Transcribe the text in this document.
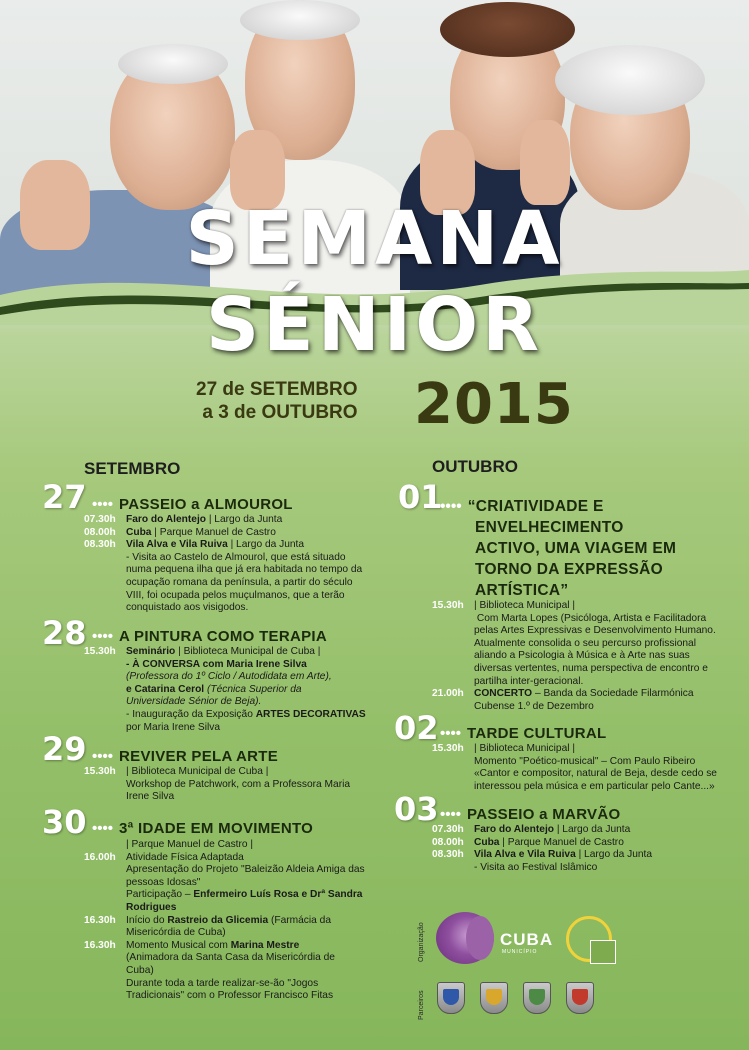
SEMANA
SÉNIOR
27 de SETEMBRO
a 3 de OUTUBRO 2015
SETEMBRO
27 •••• PASSEIO a ALMOUROL
07.30h Faro do Alentejo | Largo da Junta
08.00h Cuba | Parque Manuel de Castro
08.30h Vila Alva e Vila Ruiva | Largo da Junta
- Visita ao Castelo de Almourol, que está situado
numa pequena ilha que já era habitada no tempo da
ocupação romana da península, a partir do século
VIII, foi ocupada pelos muçulmanos, que a terão
conquistado aos visigodos.
28 •••• A PINTURA COMO TERAPIA
15.30h Seminário | Biblioteca Municipal de Cuba |
- À CONVERSA com Maria Irene Silva
(Professora do 1º Ciclo / Autodidata em Arte),
e Catarina Cerol (Técnica Superior da
Universidade Sénior de Beja).
- Inauguração da Exposição ARTES DECORATIVAS
por Maria Irene Silva
29 •••• REVIVER PELA ARTE
15.30h | Biblioteca Municipal de Cuba |
Workshop de Patchwork, com a Professora Maria
Irene Silva
30 •••• 3ª IDADE EM MOVIMENTO
| Parque Manuel de Castro |
16.00h Atividade Física Adaptada
Apresentação do Projeto "Baleizão Aldeia Amiga das
pessoas Idosas"
Participação – Enfermeiro Luís Rosa e Drª Sandra
Rodrigues
16.30h Início do Rastreio da Glicemia (Farmácia da
Misericórdia de Cuba)
16.30h Momento Musical com Marina Mestre
(Animadora da Santa Casa da Misericórdia de
Cuba)
Durante toda a tarde realizar-se-ão "Jogos
Tradicionais" com o Professor Francisco Fitas
OUTUBRO
01
•••• “CRIATIVIDADE E
ENVELHECIMENTO
ACTIVO, UMA VIAGEM EM
TORNO DA EXPRESSÃO
ARTÍSTICA”
15.30h | Biblioteca Municipal |
Com Marta Lopes (Psicóloga, Artista e Facilitadora
pelas Artes Expressivas e Desenvolvimento Humano.
Atualmente consolida o seu percurso profissional
aliando a Psicologia à Música e à Arte nas suas
diversas vertentes, numa perspectiva de encontro e
partilha inter-geracional.
21.00h CONCERTO – Banda da Sociedade Filarmónica
Cubense 1.º de Dezembro
02 •••• TARDE CULTURAL
15.30h | Biblioteca Municipal |
Momento "Poético-musical" – Com Paulo Ribeiro
«Cantor e compositor, natural de Beja, desde cedo se
interessou pela música e em particular pelo Cante...»
03 •••• PASSEIO a MARVÃO
07.30h Faro do Alentejo | Largo da Junta
08.00h Cuba | Parque Manuel de Castro
08.30h Vila Alva e Vila Ruiva | Largo da Junta
- Visita ao Festival Islâmico
Organização	CUBA
MUNICÍPIO
Parceiros
